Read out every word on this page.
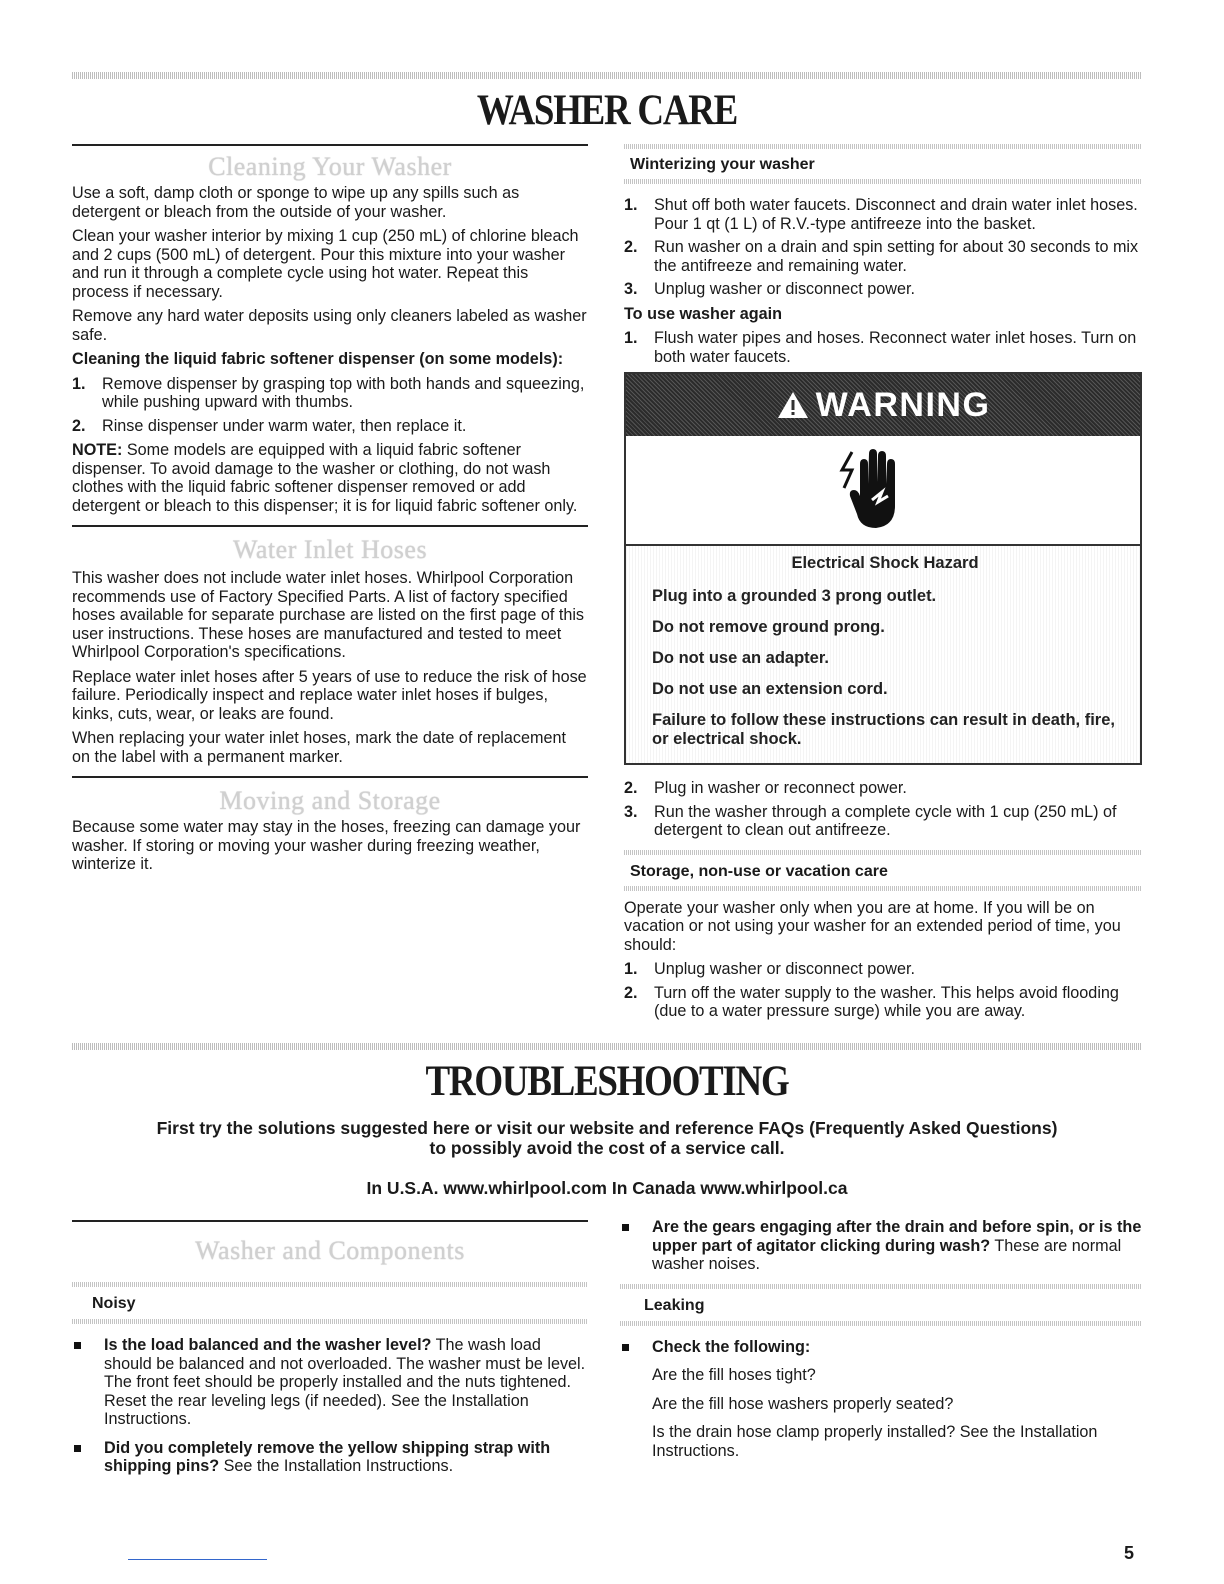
WASHER CARE
Cleaning Your Washer

Use a soft, damp cloth or sponge to wipe up any spills such as detergent or bleach from the outside of your washer.

Clean your washer interior by mixing 1 cup (250 mL) of chlorine bleach and 2 cups (500 mL) of detergent. Pour this mixture into your washer and run it through a complete cycle using hot water. Repeat this process if necessary.

Remove any hard water deposits using only cleaners labeled as washer safe.

Cleaning the liquid fabric softener dispenser (on some models):

1. Remove dispenser by grasping top with both hands and squeezing, while pushing upward with thumbs.
2. Rinse dispenser under warm water, then replace it.

NOTE: Some models are equipped with a liquid fabric softener dispenser. To avoid damage to the washer or clothing, do not wash clothes with the liquid fabric softener dispenser removed or add detergent or bleach to this dispenser; it is for liquid fabric softener only.

Water Inlet Hoses

This washer does not include water inlet hoses. Whirlpool Corporation recommends use of Factory Specified Parts. A list of factory specified hoses available for separate purchase are listed on the first page of this user instructions. These hoses are manufactured and tested to meet Whirlpool Corporation's specifications.

Replace water inlet hoses after 5 years of use to reduce the risk of hose failure. Periodically inspect and replace water inlet hoses if bulges, kinks, cuts, wear, or leaks are found.

When replacing your water inlet hoses, mark the date of replacement on the label with a permanent marker.

Moving and Storage

Because some water may stay in the hoses, freezing can damage your washer. If storing or moving your washer during freezing weather, winterize it.

Winterizing your washer
1. Shut off both water faucets. Disconnect and drain water inlet hoses. Pour 1 qt (1 L) of R.V.-type antifreeze into the basket.
2. Run washer on a drain and spin setting for about 30 seconds to mix the antifreeze and remaining water.
3. Unplug washer or disconnect power.

To use washer again

1. Flush water pipes and hoses. Reconnect water inlet hoses. Turn on both water faucets.
WARNING
Electrical Shock Hazard
Plug into a grounded 3 prong outlet.
Do not remove ground prong.
Do not use an adapter.
Do not use an extension cord.
Failure to follow these instructions can result in death, fire, or electrical shock.
2. Plug in washer or reconnect power.
3. Run the washer through a complete cycle with 1 cup (250 mL) of detergent to clean out antifreeze.
Storage, non-use or vacation care

Operate your washer only when you are at home. If you will be on vacation or not using your washer for an extended period of time, you should:

1. Unplug washer or disconnect power.
2. Turn off the water supply to the washer. This helps avoid flooding (due to a water pressure surge) while you are away.
TROUBLESHOOTING
First try the solutions suggested here or visit our website and reference FAQs (Frequently Asked Questions)
to possibly avoid the cost of a service call.
In U.S.A. www.whirlpool.com In Canada www.whirlpool.ca
Washer and Components
Noisy
Is the load balanced and the washer level? The wash load should be balanced and not overloaded. The washer must be level. The front feet should be properly installed and the nuts tightened. Reset the rear leveling legs (if needed). See the Installation Instructions.
Did you completely remove the yellow shipping strap with shipping pins? See the Installation Instructions.
Are the gears engaging after the drain and before spin, or is the upper part of agitator clicking during wash? These are normal washer noises.
Leaking
Check the following:
Are the fill hoses tight?
Are the fill hose washers properly seated?
Is the drain hose clamp properly installed? See the Installation Instructions.
5
